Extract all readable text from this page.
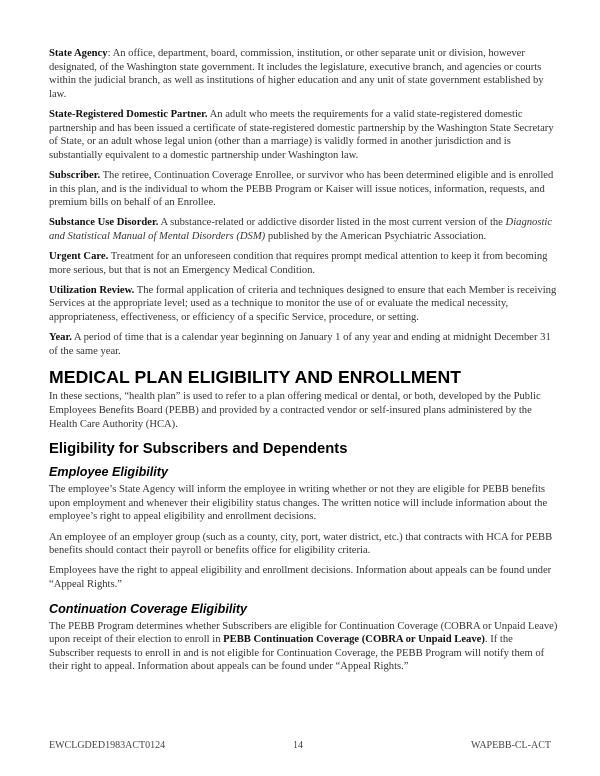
State Agency: An office, department, board, commission, institution, or other separate unit or division, however designated, of the Washington state government. It includes the legislature, executive branch, and agencies or courts within the judicial branch, as well as institutions of higher education and any unit of state government established by law.

State-Registered Domestic Partner. An adult who meets the requirements for a valid state-registered domestic partnership and has been issued a certificate of state-registered domestic partnership by the Washington State Secretary of State, or an adult whose legal union (other than a marriage) is validly formed in another jurisdiction and is substantially equivalent to a domestic partnership under Washington law.

Subscriber. The retiree, Continuation Coverage Enrollee, or survivor who has been determined eligible and is enrolled in this plan, and is the individual to whom the PEBB Program or Kaiser will issue notices, information, requests, and premium bills on behalf of an Enrollee.

Substance Use Disorder. A substance-related or addictive disorder listed in the most current version of the Diagnostic and Statistical Manual of Mental Disorders (DSM) published by the American Psychiatric Association.

Urgent Care. Treatment for an unforeseen condition that requires prompt medical attention to keep it from becoming more serious, but that is not an Emergency Medical Condition.

Utilization Review. The formal application of criteria and techniques designed to ensure that each Member is receiving Services at the appropriate level; used as a technique to monitor the use of or evaluate the medical necessity, appropriateness, effectiveness, or efficiency of a specific Service, procedure, or setting.

Year. A period of time that is a calendar year beginning on January 1 of any year and ending at midnight December 31 of the same year.

MEDICAL PLAN ELIGIBILITY AND ENROLLMENT

In these sections, “health plan” is used to refer to a plan offering medical or dental, or both, developed by the Public Employees Benefits Board (PEBB) and provided by a contracted vendor or self-insured plans administered by the Health Care Authority (HCA).

Eligibility for Subscribers and Dependents
Employee Eligibility

The employee’s State Agency will inform the employee in writing whether or not they are eligible for PEBB benefits upon employment and whenever their eligibility status changes. The written notice will include information about the employee’s right to appeal eligibility and enrollment decisions.

An employee of an employer group (such as a county, city, port, water district, etc.) that contracts with HCA for PEBB benefits should contact their payroll or benefits office for eligibility criteria.

Employees have the right to appeal eligibility and enrollment decisions. Information about appeals can be found under “Appeal Rights.”

Continuation Coverage Eligibility

The PEBB Program determines whether Subscribers are eligible for Continuation Coverage (COBRA or Unpaid Leave) upon receipt of their election to enroll in PEBB Continuation Coverage (COBRA or Unpaid Leave). If the Subscriber requests to enroll in and is not eligible for Continuation Coverage, the PEBB Program will notify them of their right to appeal. Information about appeals can be found under “Appeal Rights.”

EWCLGDED1983ACT0124	14	WAPEBB-CL-ACT
